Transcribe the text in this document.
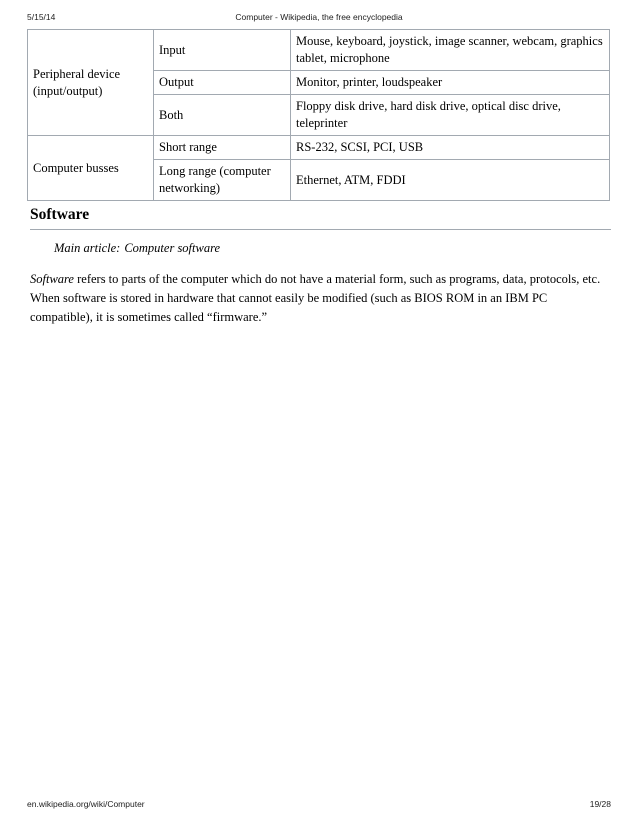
5/15/14	Computer - Wikipedia, the free encyclopedia
Peripheral device (input/output)	Input	Mouse, keyboard, joystick, image scanner, webcam, graphics tablet, microphone
	Output	Monitor, printer, loudspeaker
	Both	Floppy disk drive, hard disk drive, optical disc drive, teleprinter
Computer busses	Short range	RS-232, SCSI, PCI, USB
	Long range (computer networking)	Ethernet, ATM, FDDI
Software
Main article: Computer software
Software refers to parts of the computer which do not have a material form, such as programs, data, protocols, etc. When software is stored in hardware that cannot easily be modified (such as BIOS ROM in an IBM PC compatible), it is sometimes called “firmware.”
en.wikipedia.org/wiki/Computer	19/28
